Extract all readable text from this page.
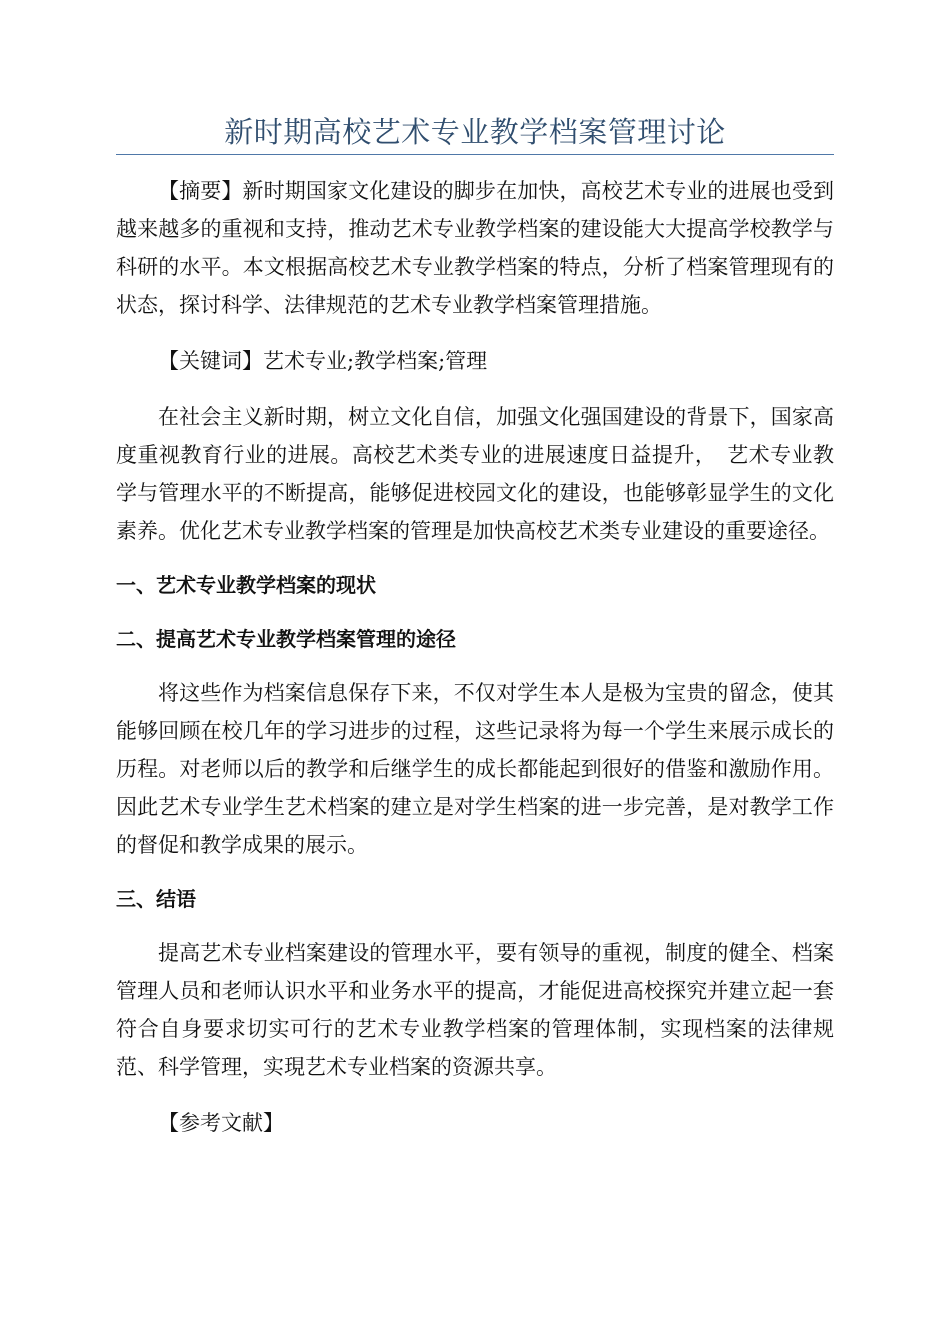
新时期高校艺术专业教学档案管理讨论

【摘要】新时期国家文化建设的脚步在加快，高校艺术专业的进展也受到越来越多的重视和支持，推动艺术专业教学档案的建设能大大提高学校教学与科研的水平。本文根据高校艺术专业教学档案的特点，分析了档案管理现有的状态，探讨科学、法律规范的艺术专业教学档案管理措施。

【关键词】艺术专业;教学档案;管理

在社会主义新时期，树立文化自信，加强文化强国建设的背景下，国家高度重视教育行业的进展。高校艺术类专业的进展速度日益提升，　艺术专业教学与管理水平的不断提高，能够促进校园文化的建设，也能够彰显学生的文化素养。优化艺术专业教学档案的管理是加快高校艺术类专业建设的重要途径。

一、艺术专业教学档案的现状
二、提高艺术专业教学档案管理的途径

将这些作为档案信息保存下来，不仅对学生本人是极为宝贵的留念，使其能够回顾在校几年的学习进步的过程，这些记录将为每一个学生来展示成长的历程。对老师以后的教学和后继学生的成长都能起到很好的借鉴和激励作用。因此艺术专业学生艺术档案的建立是对学生档案的进一步完善，是对教学工作的督促和教学成果的展示。

三、结语

提高艺术专业档案建设的管理水平，要有领导的重视，制度的健全、档案管理人员和老师认识水平和业务水平的提高，才能促进高校探究并建立起一套符合自身要求切实可行的艺术专业教学档案的管理体制，实现档案的法律规范、科学管理，实現艺术专业档案的资源共享。

【参考文献】
